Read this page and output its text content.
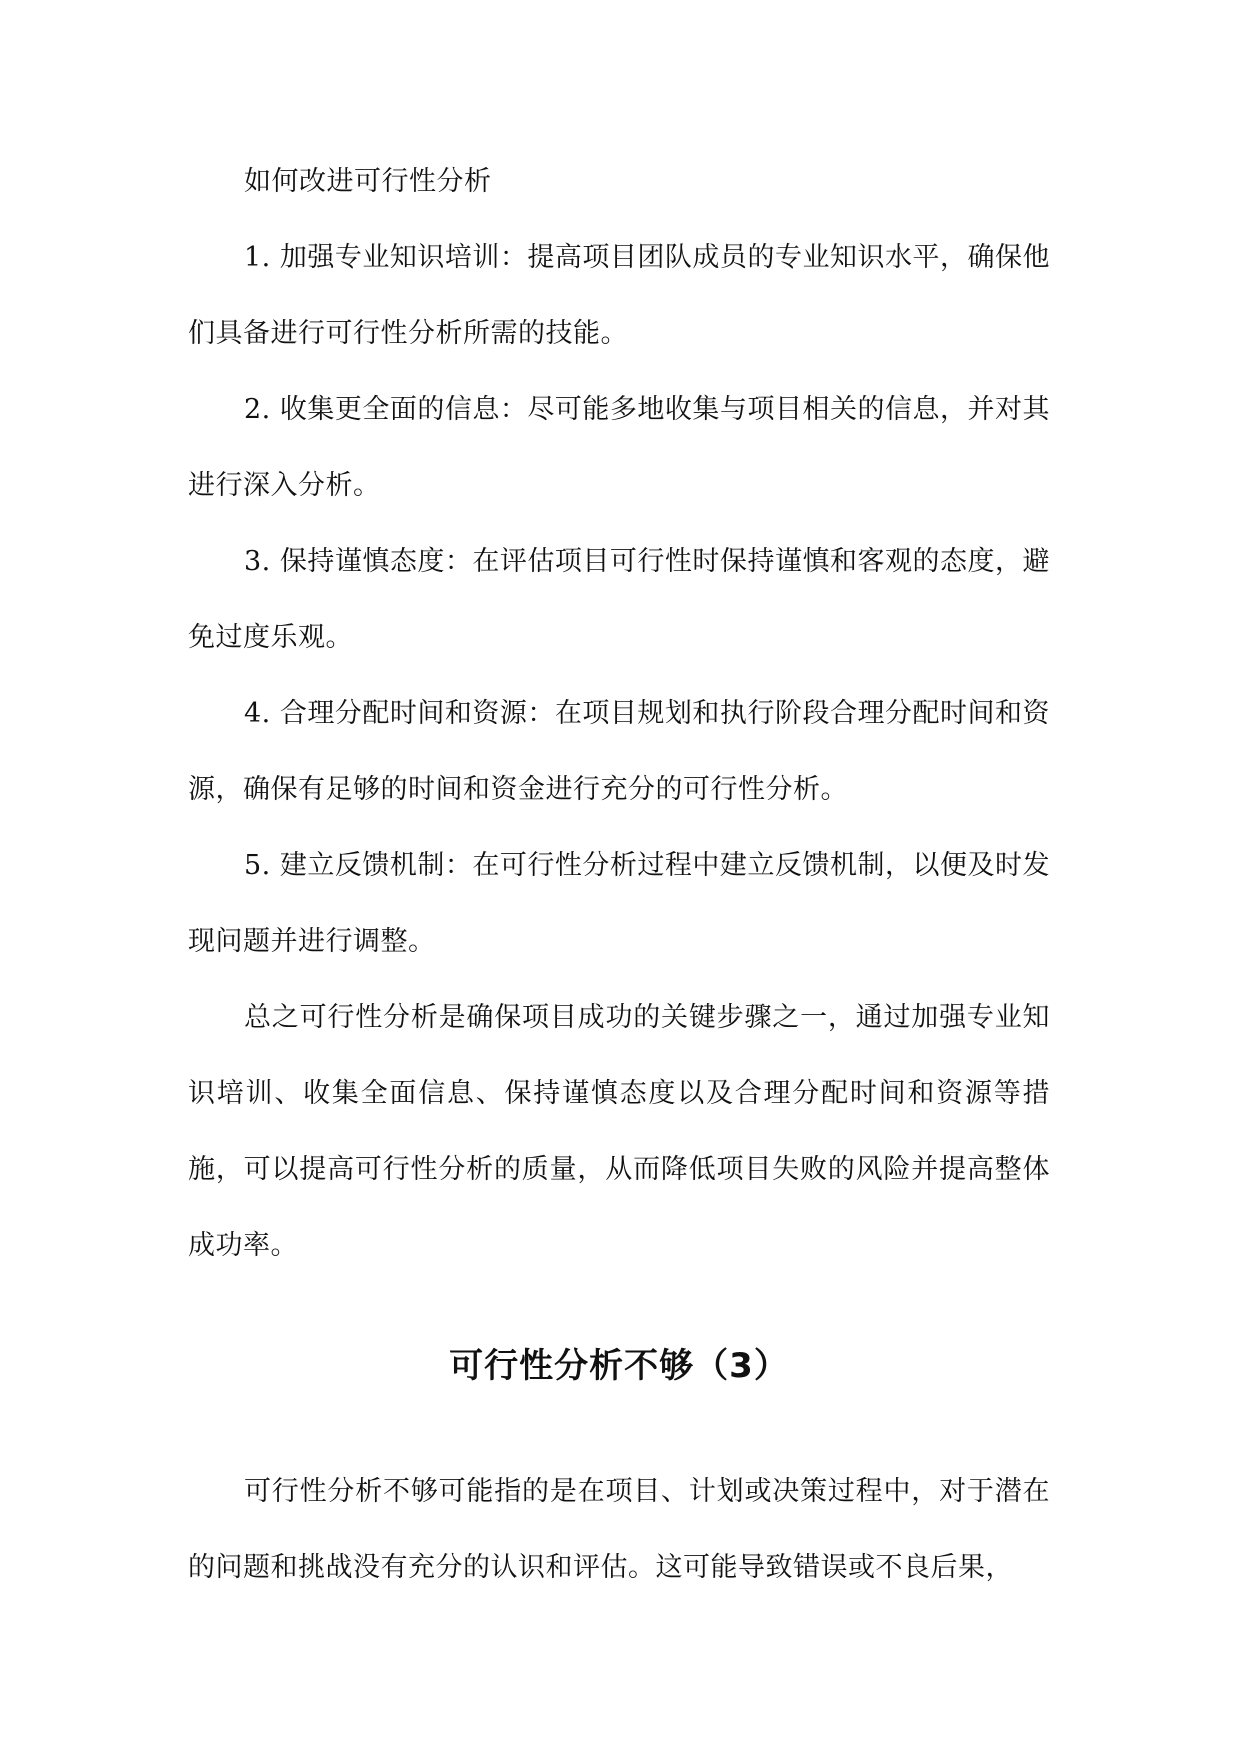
如何改进可行性分析

1. 加强专业知识培训：提高项目团队成员的专业知识水平，确保他们具备进行可行性分析所需的技能。

2. 收集更全面的信息：尽可能多地收集与项目相关的信息，并对其进行深入分析。

3. 保持谨慎态度：在评估项目可行性时保持谨慎和客观的态度，避免过度乐观。

4. 合理分配时间和资源：在项目规划和执行阶段合理分配时间和资源，确保有足够的时间和资金进行充分的可行性分析。

5. 建立反馈机制：在可行性分析过程中建立反馈机制，以便及时发现问题并进行调整。

总之可行性分析是确保项目成功的关键步骤之一，通过加强专业知识培训、收集全面信息、保持谨慎态度以及合理分配时间和资源等措施，可以提高可行性分析的质量，从而降低项目失败的风险并提高整体成功率。

可行性分析不够（3）

可行性分析不够可能指的是在项目、计划或决策过程中，对于潜在的问题和挑战没有充分的认识和评估。这可能导致错误或不良后果，
